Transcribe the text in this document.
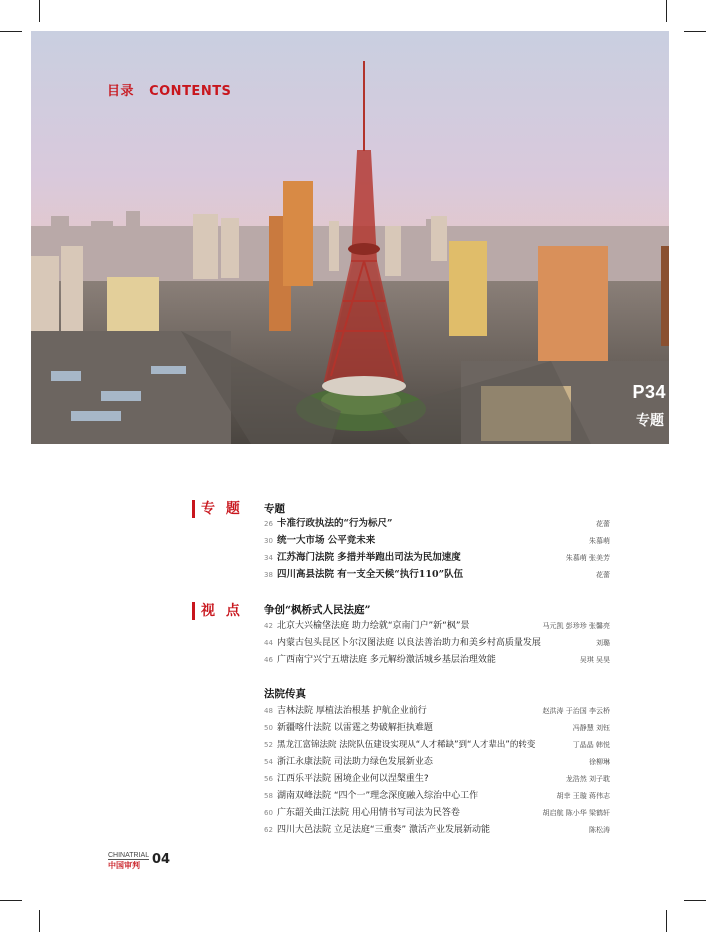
目录 CONTENTS
P34
专题
专 题
视 点
专题
26 卡准行政执法的“行为标尺”	花蕾
30 统一大市场 公平竞未来	朱慕萌
34 江苏海门法院 多措并举跑出司法为民加速度	朱慕萌 张美芳
38 四川高县法院 有一支全天候“执行110”队伍	花蕾
争创“枫桥式人民法庭”
42 北京大兴榆垡法庭 助力绘就“京南门户”新“枫”景	马元凯 彭珍珍 张馨亮
44 内蒙古包头昆区卜尔汉图法庭 以良法善治助力和美乡村高质量发展	刘璐
46 广西南宁兴宁五塘法庭 多元解纷激活城乡基层治理效能	吴琪 吴昊
法院传真
48 吉林法院 厚植法治根基 护航企业前行	赵洪涛 于治国 李云桥
50 新疆喀什法院 以雷霆之势破解拒执难题	冯静慧 刘钰
52 黑龙江富锦法院 法院队伍建设实现从“人才稀缺”到“人才辈出”的转变	丁晶晶 韩悦
54 浙江永康法院 司法助力绿色发展新业态	徐柳琳
56 江西乐平法院 困境企业何以涅槃重生?	龙浩然 刘子耽
58 湖南双峰法院 “四个一”理念深度融入综治中心工作	胡幸 王璇 蒋伟志
60 广东韶关曲江法院 用心用情书写司法为民答卷	胡启航 陈小华 梁鹤轩
62 四川大邑法院 立足法庭“三重奏” 激活产业发展新动能	陈松涛
CHINATRIAL
中国审判 04
